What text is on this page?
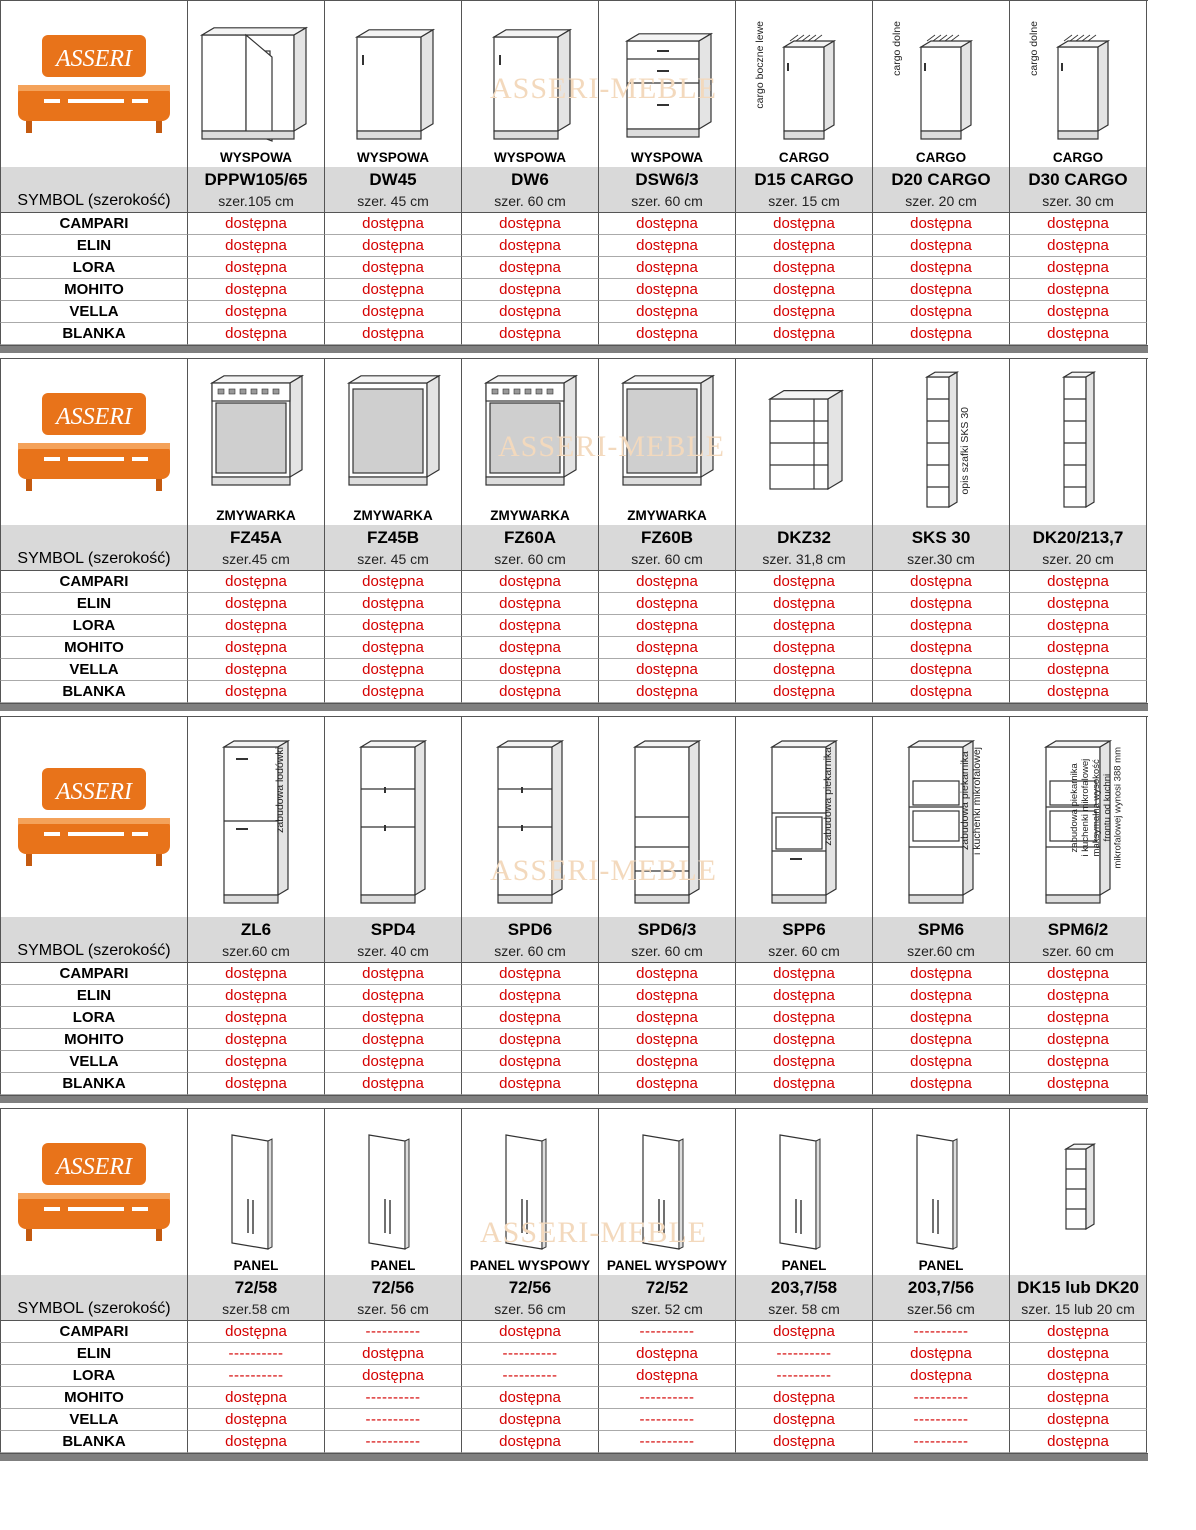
ASSERI
WYSPOWA	WYSPOWA	WYSPOWA	WYSPOWA
cargo boczne lewe
CARGO
cargo dolne
CARGO
cargo dolne
CARGO
ASSERI-MEBLE
DPPW105/65	DW45	DW6	DSW6/3	D15 CARGO	D20 CARGO	D30 CARGO
SYMBOL (szerokość)	szer.105 cm	szer. 45 cm	szer. 60 cm	szer. 60 cm	szer. 15 cm	szer. 20 cm	szer. 30 cm
CAMPARI	dostępna	dostępna	dostępna	dostępna	dostępna	dostępna	dostępna
ELIN	dostępna	dostępna	dostępna	dostępna	dostępna	dostępna	dostępna
LORA	dostępna	dostępna	dostępna	dostępna	dostępna	dostępna	dostępna
MOHITO	dostępna	dostępna	dostępna	dostępna	dostępna	dostępna	dostępna
VELLA	dostępna	dostępna	dostępna	dostępna	dostępna	dostępna	dostępna
BLANKA	dostępna	dostępna	dostępna	dostępna	dostępna	dostępna	dostępna
ASSERI
ZMYWARKA	ZMYWARKA	ZMYWARKA	ZMYWARKA
opis szafki SKS 30
ASSERI-MEBLE
FZ45A	FZ45B	FZ60A	FZ60B	DKZ32	SKS 30	DK20/213,7
SYMBOL (szerokość)	szer.45 cm	szer. 45 cm	szer. 60 cm	szer. 60 cm	szer. 31,8 cm	szer.30 cm	szer. 20 cm
CAMPARI	dostępna	dostępna	dostępna	dostępna	dostępna	dostępna	dostępna
ELIN	dostępna	dostępna	dostępna	dostępna	dostępna	dostępna	dostępna
LORA	dostępna	dostępna	dostępna	dostępna	dostępna	dostępna	dostępna
MOHITO	dostępna	dostępna	dostępna	dostępna	dostępna	dostępna	dostępna
VELLA	dostępna	dostępna	dostępna	dostępna	dostępna	dostępna	dostępna
BLANKA	dostępna	dostępna	dostępna	dostępna	dostępna	dostępna	dostępna
ASSERI	zabudowa lodówki	zabudowa piekarnika	zabudowa piekarnika
i kuchenki mikrofalowej
zabudowa piekarnika
i kuchenki mikrofalowej
maksymalna wysokość
frontu od kuchni
mikrofalowej wynosi 388 mm
ASSERI-MEBLE
ZL6	SPD4	SPD6	SPD6/3	SPP6	SPM6	SPM6/2
SYMBOL (szerokość)	szer.60 cm	szer. 40 cm	szer. 60 cm	szer. 60 cm	szer. 60 cm	szer.60 cm	szer. 60 cm
CAMPARI	dostępna	dostępna	dostępna	dostępna	dostępna	dostępna	dostępna
ELIN	dostępna	dostępna	dostępna	dostępna	dostępna	dostępna	dostępna
LORA	dostępna	dostępna	dostępna	dostępna	dostępna	dostępna	dostępna
MOHITO	dostępna	dostępna	dostępna	dostępna	dostępna	dostępna	dostępna
VELLA	dostępna	dostępna	dostępna	dostępna	dostępna	dostępna	dostępna
BLANKA	dostępna	dostępna	dostępna	dostępna	dostępna	dostępna	dostępna
ASSERI
PANEL	PANEL	PANEL WYSPOWY	PANEL WYSPOWY	PANEL	PANEL
ASSERI-MEBLE
72/58	72/56	72/56	72/52	203,7/58	203,7/56	DK15 lub DK20
SYMBOL (szerokość)	szer.58 cm	szer. 56 cm	szer. 56 cm	szer. 52 cm	szer. 58 cm	szer.56 cm	szer. 15 lub 20 cm
CAMPARI	dostępna	----------	dostępna	----------	dostępna	----------	dostępna
ELIN	----------	dostępna	----------	dostępna	----------	dostępna	dostępna
LORA	----------	dostępna	----------	dostępna	----------	dostępna	dostępna
MOHITO	dostępna	----------	dostępna	----------	dostępna	----------	dostępna
VELLA	dostępna	----------	dostępna	----------	dostępna	----------	dostępna
BLANKA	dostępna	----------	dostępna	----------	dostępna	----------	dostępna
